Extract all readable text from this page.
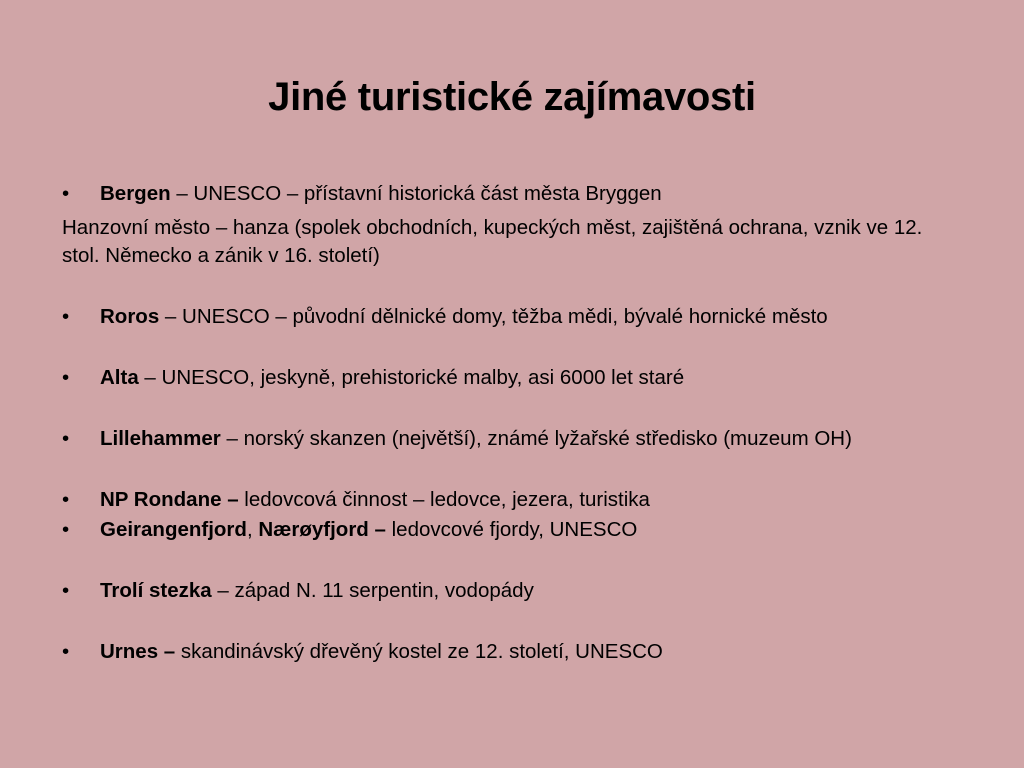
Jiné turistické zajímavosti
•	Bergen – UNESCO – přístavní historická část města Bryggen
Hanzovní město – hanza (spolek obchodních, kupeckých měst, zajištěná ochrana, vznik ve 12. stol. Německo a zánik v 16. století)
•	Roros – UNESCO – původní dělnické domy, těžba mědi, bývalé hornické město
•	Alta – UNESCO, jeskyně, prehistorické malby, asi 6000 let staré
•	Lillehammer – norský skanzen (největší), známé lyžařské středisko (muzeum OH)
•	NP Rondane – ledovcová činnost – ledovce, jezera, turistika
•	Geirangenfjord, Nærøyfjord – ledovcové fjordy, UNESCO
•	Trolí stezka – západ N. 11 serpentin, vodopády
•	Urnes – skandinávský dřevěný kostel ze 12. století, UNESCO
